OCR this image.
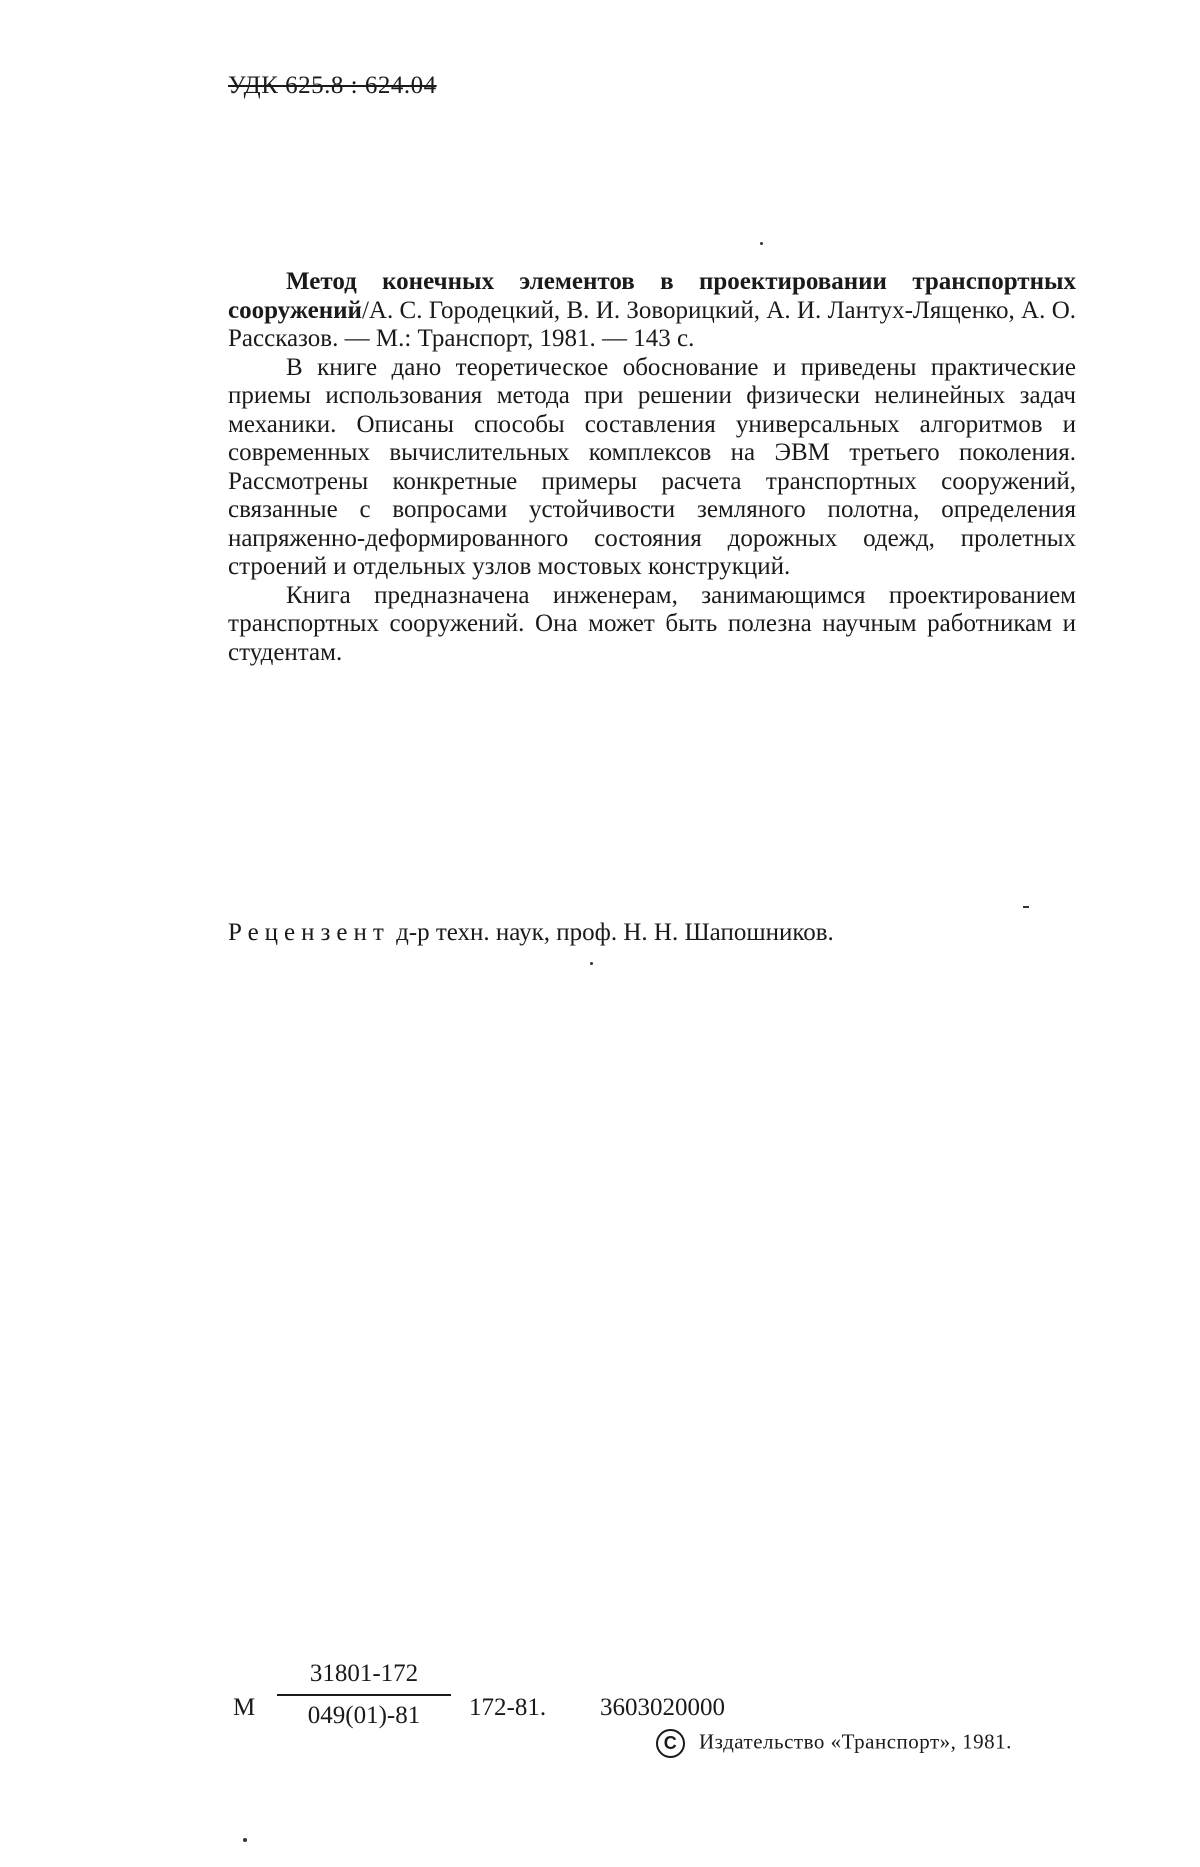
УДК 625.8 : 624.04

Метод конечных элементов в проектировании транспортных сооружений/А. С. Городецкий, В. И. Зоворицкий, А. И. Лантух-Лященко, А. О. Рассказов. — М.: Транспорт, 1981. — 143 с.

В книге дано теоретическое обоснование и приведены практические приемы использования метода при решении физически нелинейных задач механики. Описаны способы составления универсальных алгоритмов и современных вычислительных комплексов на ЭВМ третьего поколения. Рассмотрены конкретные примеры расчета транспортных сооружений, связанные с вопросами устойчивости земляного полотна, определения напряженно-деформированного состояния дорожных одежд, пролетных строений и отдельных узлов мостовых конструкций.

Книга предназначена инженерам, занимающимся проектированием транспортных сооружений. Она может быть полезна научным работникам и студентам.

Рецензент д-р техн. наук, проф. Н. Н. Шапошников.
М $\frac{31801-172}{049(01)-81} 172-81$. 3603020000
C Издательство «Транспорт», 1981.
